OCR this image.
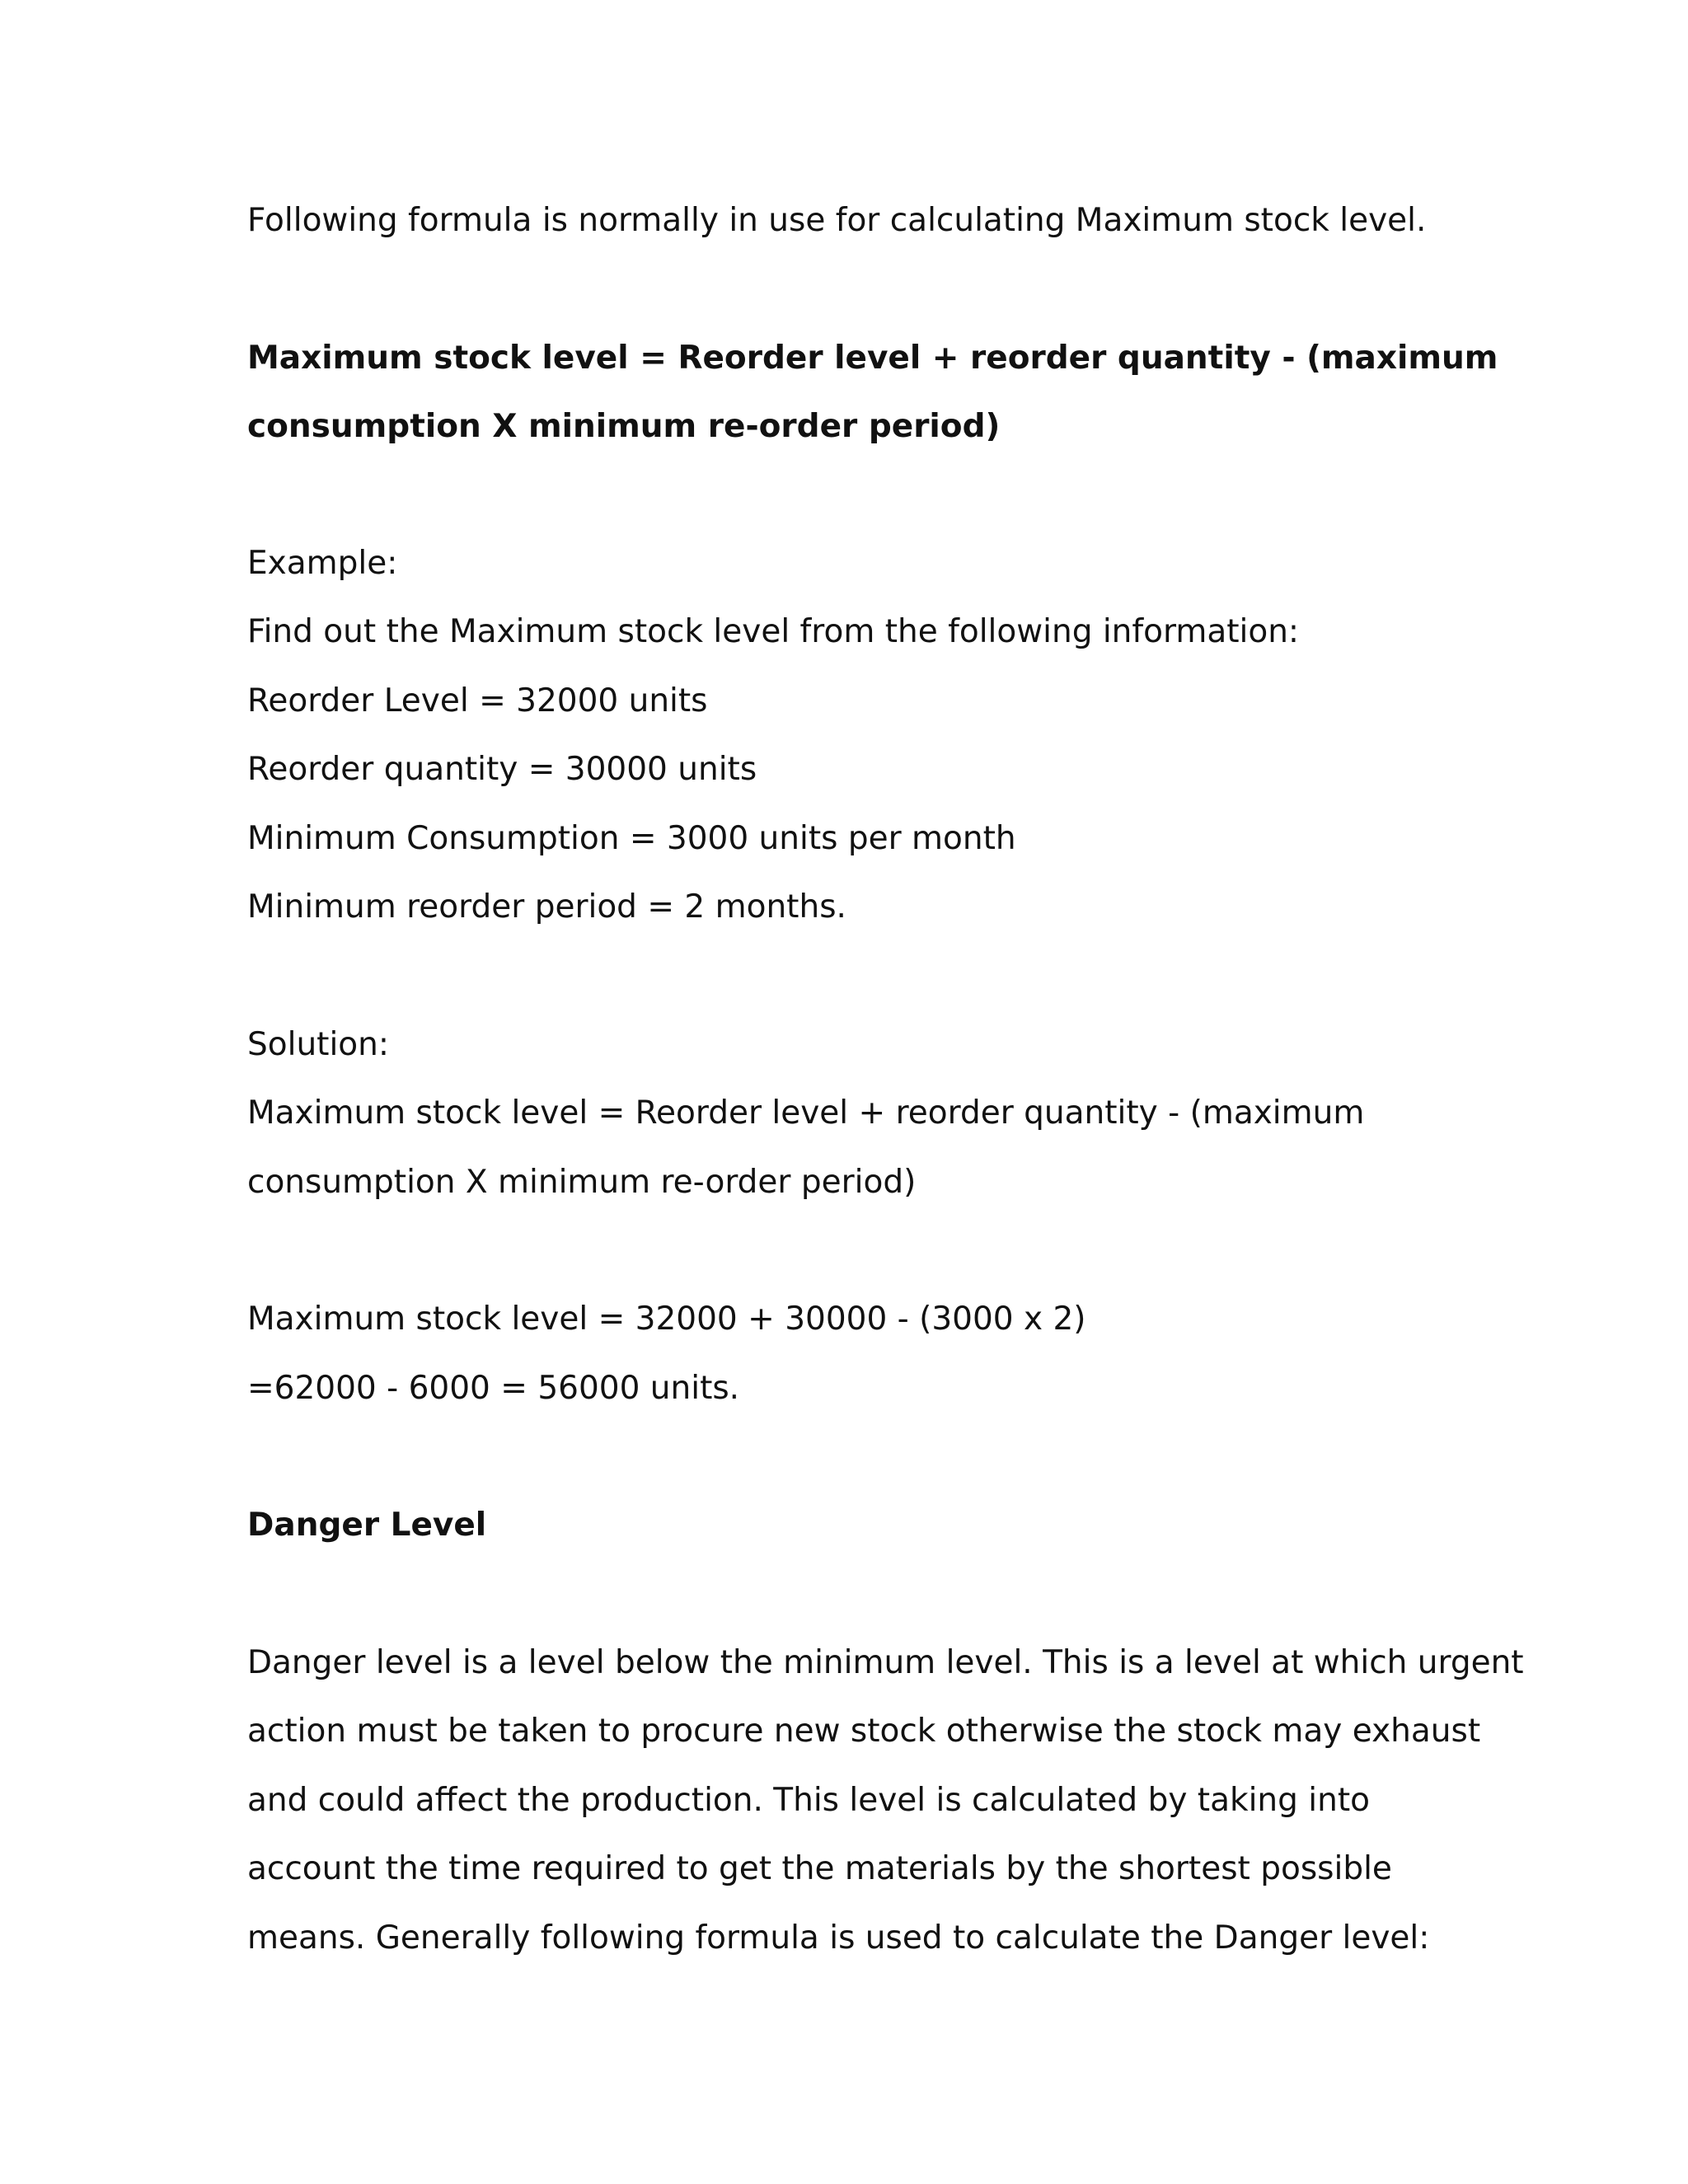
Following formula is normally in use for calculating Maximum stock level.

Maximum stock level = Reorder level + reorder quantity - (maximum

consumption X minimum re-order period)

Example:

Find out the Maximum stock level from the following information:

Reorder Level = 32000 units

Reorder quantity = 30000 units

Minimum Consumption = 3000 units per month

Minimum reorder period = 2 months.

Solution:

Maximum stock level = Reorder level + reorder quantity - (maximum

consumption X minimum re-order period)

Maximum stock level = 32000 + 30000 - (3000 x 2)

=62000 - 6000 = 56000 units.

Danger Level

Danger level is a level below the minimum level. This is a level at which urgent

action must be taken to procure new stock otherwise the stock may exhaust

and could affect the production. This level is calculated by taking into

account the time required to get the materials by the shortest possible

means. Generally following formula is used to calculate the Danger level:
